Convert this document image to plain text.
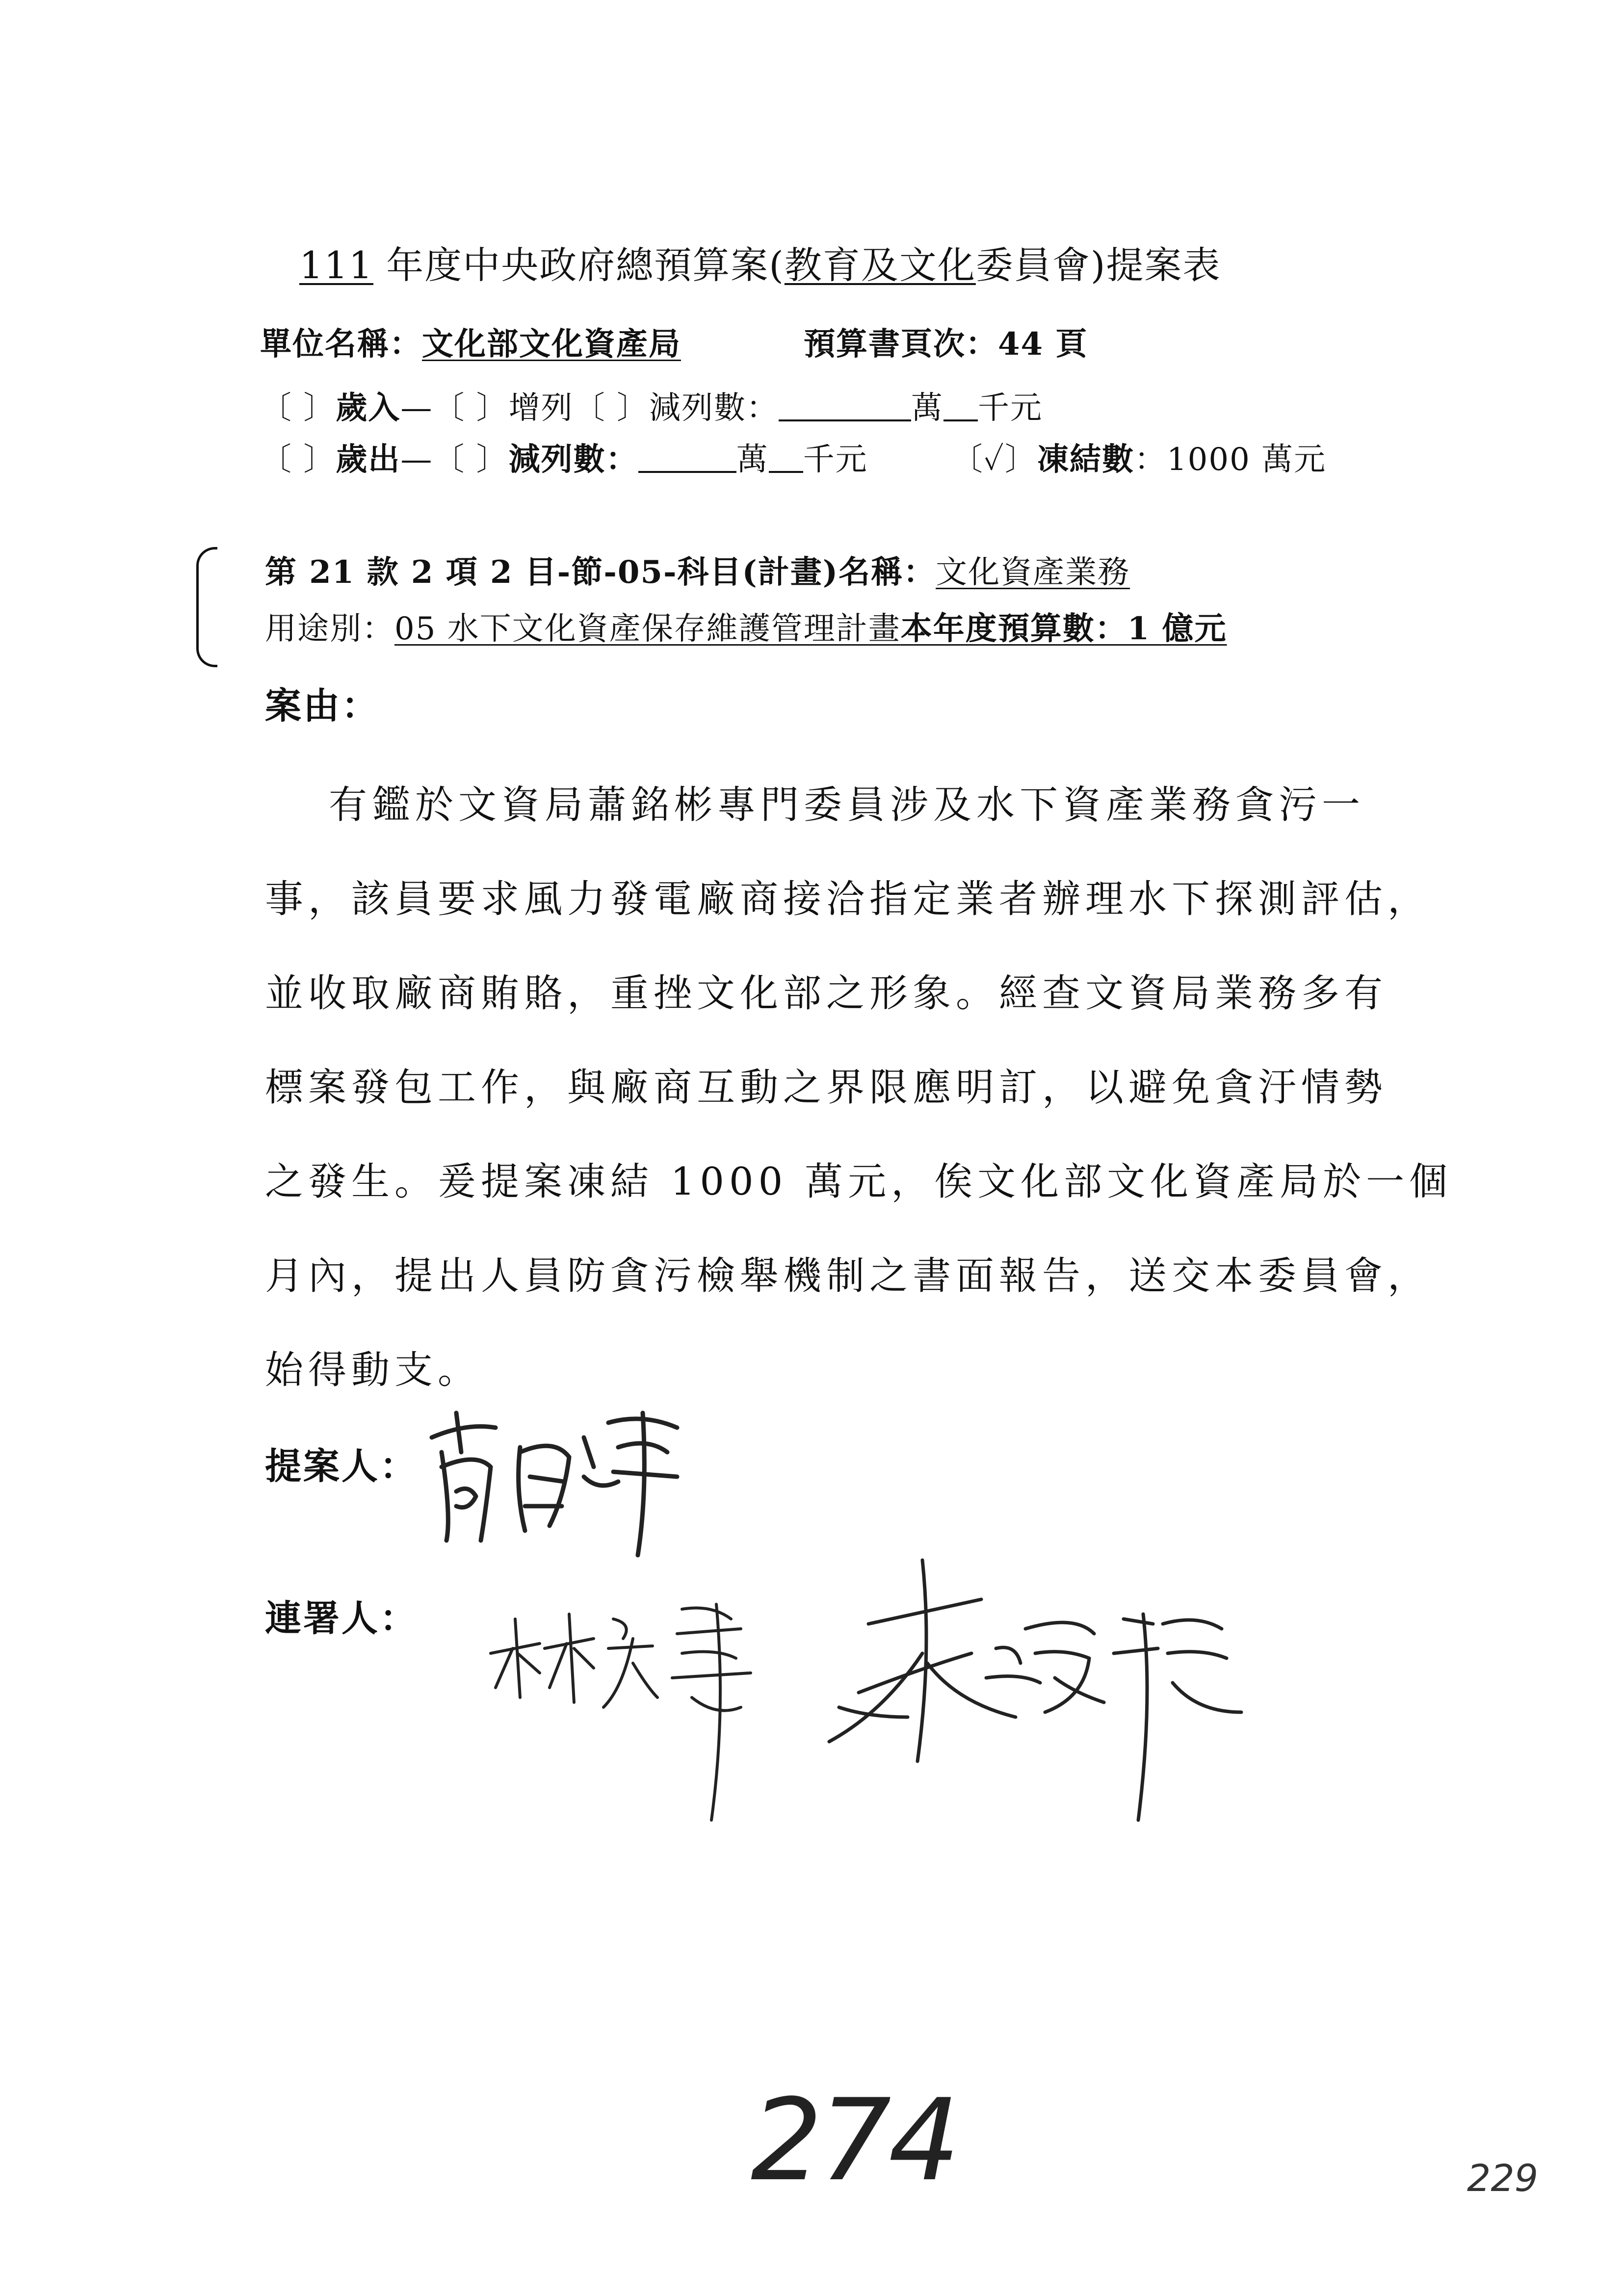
111 年度中央政府總預算案(教育及文化委員會)提案表
單位名稱：文化部文化資產局	預算書頁次：44 頁
〔 〕歲入—〔 〕增列〔 〕減列數：	萬 千元
〔 〕歲出—〔 〕減列數：	萬 千元	〔✓〕凍結數：1000 萬元
第 21 款 2 項 2 目-節-05-科目(計畫)名稱：文化資產業務
用途別：05 水下文化資產保存維護管理計畫本年度預算數：1 億元
案由：
有鑑於文資局蕭銘彬專門委員涉及水下資產業務貪污一
事，該員要求風力發電廠商接洽指定業者辦理水下探測評估，
並收取廠商賄賂，重挫文化部之形象。經查文資局業務多有
標案發包工作，與廠商互動之界限應明訂，以避免貪汙情勢
之發生。爰提案凍結 1000 萬元，俟文化部文化資產局於一個
月內，提出人員防貪污檢舉機制之書面報告，送交本委員會，
始得動支。
提案人：
連署人：
274	229
